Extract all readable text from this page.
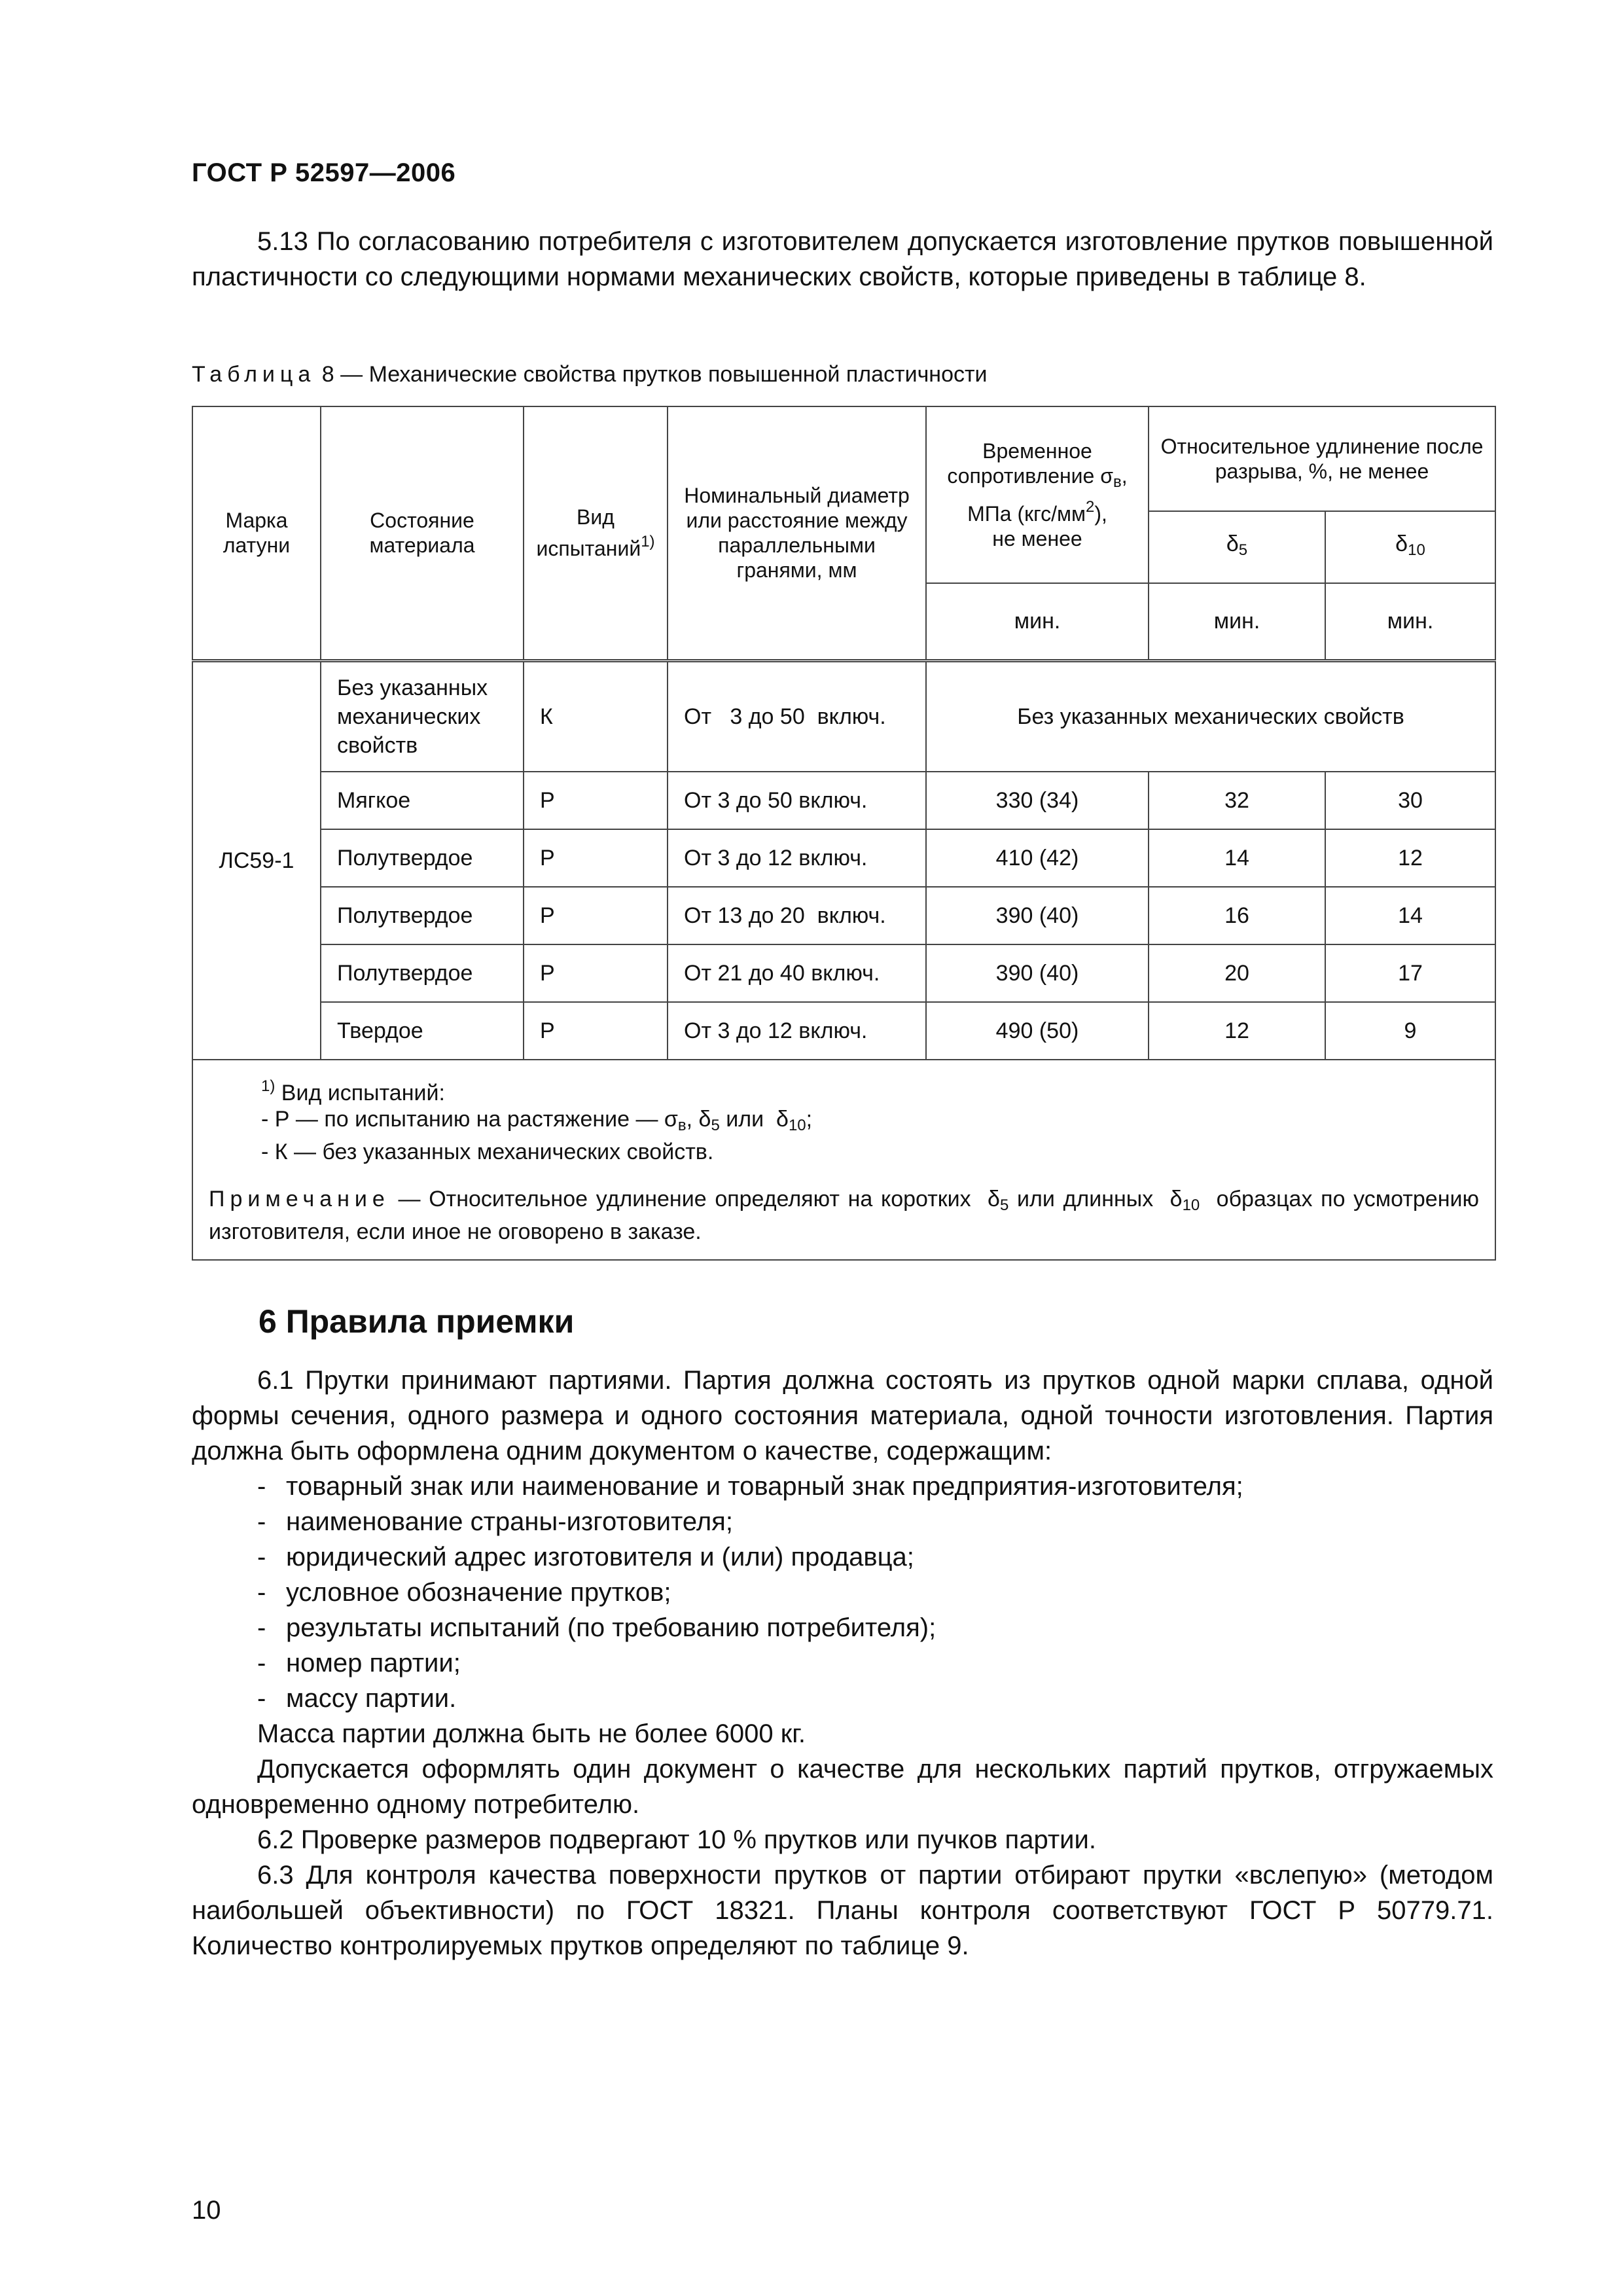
ГОСТ Р 52597—2006
5.13 По согласованию потребителя с изготовителем допускается изготовление прутков повышенной пластичности со следующими нормами механических свойств, которые приведены в таблице 8.
Таблица 8 — Механические свойства прутков повышенной пластичности
Марка латуни	Состояние материала	Вид испытаний$^{1)}$	Номинальный диаметр или расстояние между параллельными гранями, мм	Временное сопротивление $\sigma_в$,
МПа $(кгс/мм^2)$,
не менее	Относительное удлинение после разрыва, %, не менее	
					$\delta_5$	$\delta_{10}$
				мин.	мин.	мин.
ЛС59-1	Без указанных механических свойств	К	От   3 до 50  включ.	Без указанных механических свойств		
	Мягкое	Р	От 3 до 50 включ.	330 (34)	32	30
	Полутвердое	Р	От 3 до 12 включ.	410 (42)	14	12
	Полутвердое	Р	От 13 до 20  включ.	390 (40)	16	14
	Полутвердое	Р	От 21 до 40 включ.	390 (40)	20	17
	Твердое	Р	От 3 до 12 включ.	490 (50)	12	9

$^{1)}$ Вид испытаний:
- Р — по испытанию на растяжение — $\sigma_в$, $\delta_5$ или  $\delta_{10}$;
- К — без указанных механических свойств.
Примечание — Относительное удлинение определяют на коротких  $\delta_5$ или длинных  $\delta_{10}$  образцах по усмотрению изготовителя, если иное не оговорено в заказе.						
6 Правила приемки
6.1 Прутки принимают партиями. Партия должна состоять из прутков одной марки сплава, одной формы сечения, одного размера и одного состояния материала, одной точности изготовления. Партия должна быть оформлена одним документом о качестве, содержащим:
- товарный знак или наименование и товарный знак предприятия-изготовителя;
- наименование страны-изготовителя;
- юридический адрес изготовителя и (или) продавца;
- условное обозначение прутков;
- результаты испытаний (по требованию потребителя);
- номер партии;
- массу партии.
Масса партии должна быть не более 6000 кг.
Допускается оформлять один документ о качестве для нескольких партий прутков, отгружаемых одновременно одному потребителю.
6.2 Проверке размеров подвергают 10 % прутков или пучков партии.
6.3 Для контроля качества поверхности прутков от партии отбирают прутки «вслепую» (методом наибольшей объективности) по ГОСТ 18321. Планы контроля соответствуют ГОСТ Р 50779.71. Количество контролируемых прутков определяют по таблице 9.
10
